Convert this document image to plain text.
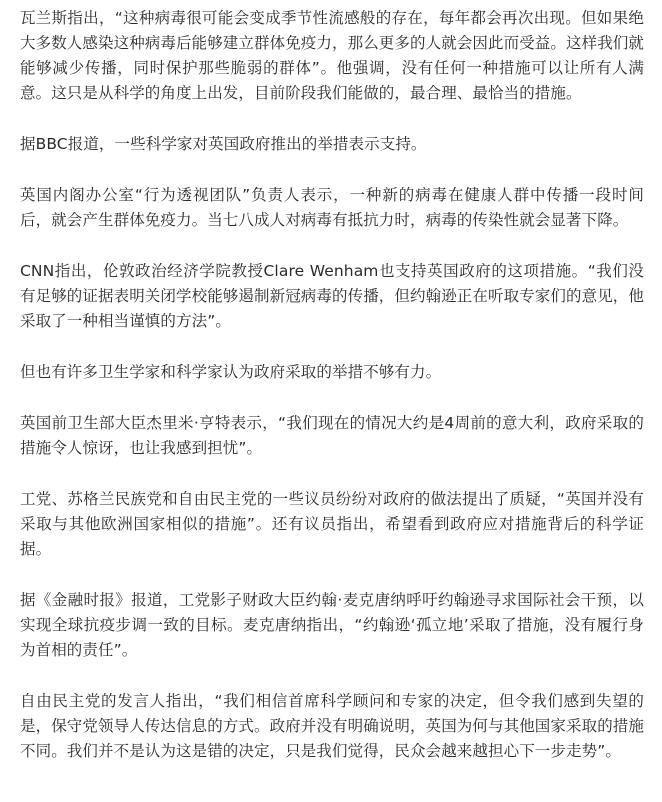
瓦兰斯指出，“这种病毒很可能会变成季节性流感般的存在，每年都会再次出现。但如果绝大多数人感染这种病毒后能够建立群体免疫力，那么更多的人就会因此而受益。这样我们就能够减少传播，同时保护那些脆弱的群体”。他强调，没有任何一种措施可以让所有人满意。这只是从科学的角度上出发，目前阶段我们能做的，最合理、最恰当的措施。

据BBC报道，一些科学家对英国政府推出的举措表示支持。

英国内阁办公室“行为透视团队”负责人表示，一种新的病毒在健康人群中传播一段时间后，就会产生群体免疫力。当七八成人对病毒有抵抗力时，病毒的传染性就会显著下降。

CNN指出，伦敦政治经济学院教授Clare Wenham也支持英国政府的这项措施。“我们没有足够的证据表明关闭学校能够遏制新冠病毒的传播，但约翰逊正在听取专家们的意见，他采取了一种相当谨慎的方法”。

但也有许多卫生学家和科学家认为政府采取的举措不够有力。

英国前卫生部大臣杰里米·亨特表示，“我们现在的情况大约是4周前的意大利，政府采取的措施令人惊讶，也让我感到担忧”。

工党、苏格兰民族党和自由民主党的一些议员纷纷对政府的做法提出了质疑，“英国并没有采取与其他欧洲国家相似的措施”。还有议员指出，希望看到政府应对措施背后的科学证据。

据《金融时报》报道，工党影子财政大臣约翰·麦克唐纳呼吁约翰逊寻求国际社会干预，以实现全球抗疫步调一致的目标。麦克唐纳指出，“约翰逊‘孤立地’采取了措施，没有履行身为首相的责任”。

自由民主党的发言人指出，“我们相信首席科学顾问和专家的决定，但令我们感到失望的是，保守党领导人传达信息的方式。政府并没有明确说明，英国为何与其他国家采取的措施不同。我们并不是认为这是错的决定，只是我们觉得，民众会越来越担心下一步走势”。
